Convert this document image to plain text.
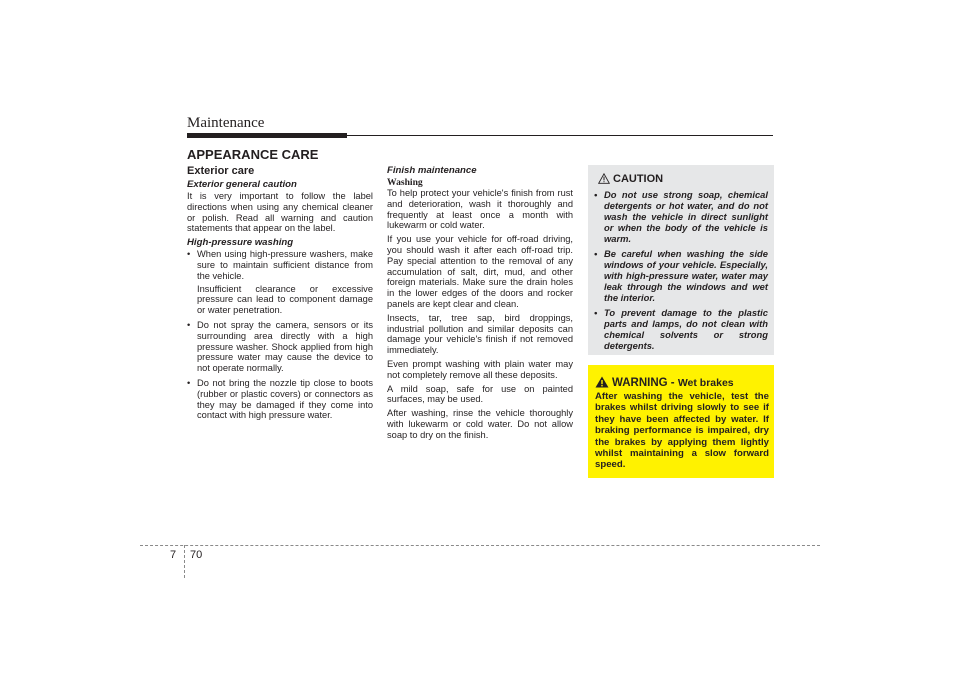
Maintenance
APPEARANCE CARE
Exterior care
Exterior general caution

It is very important to follow the label directions when using any chemical cleaner or polish. Read all warning and caution statements that appear on the label.

High-pressure washing
• When using high-pressure washers, make sure to maintain sufficient distance from the vehicle.
Insufficient clearance or excessive pressure can lead to component damage or water penetration.
• Do not spray the camera, sensors or its surrounding area directly with a high pressure washer. Shock applied from high pressure water may cause the device to not operate normally.
• Do not bring the nozzle tip close to boots (rubber or plastic covers) or connectors as they may be damaged if they come into contact with high pressure water.
Finish maintenance
Washing

To help protect your vehicle's finish from rust and deterioration, wash it thoroughly and frequently at least once a month with lukewarm or cold water.

If you use your vehicle for off-road driving, you should wash it after each off-road trip. Pay special attention to the removal of any accumulation of salt, dirt, mud, and other foreign materials. Make sure the drain holes in the lower edges of the doors and rocker panels are kept clear and clean.

Insects, tar, tree sap, bird droppings, industrial pollution and similar deposits can damage your vehicle's finish if not removed immediately.

Even prompt washing with plain water may not completely remove all these deposits.

A mild soap, safe for use on painted surfaces, may be used.

After washing, rinse the vehicle thoroughly with lukewarm or cold water. Do not allow soap to dry on the finish.

CAUTION
• Do not use strong soap, chemical detergents or hot water, and do not wash the vehicle in direct sunlight or when the body of the vehicle is warm.
• Be careful when washing the side windows of your vehicle. Especially, with high-pressure water, water may leak through the windows and wet the interior.
• To prevent damage to the plastic parts and lamps, do not clean with chemical solvents or strong detergents.
WARNING - Wet brakes
After washing the vehicle, test the brakes whilst driving slowly to see if they have been affected by water. If braking performance is impaired, dry the brakes by applying them lightly whilst maintaining a slow forward speed.
7 70
